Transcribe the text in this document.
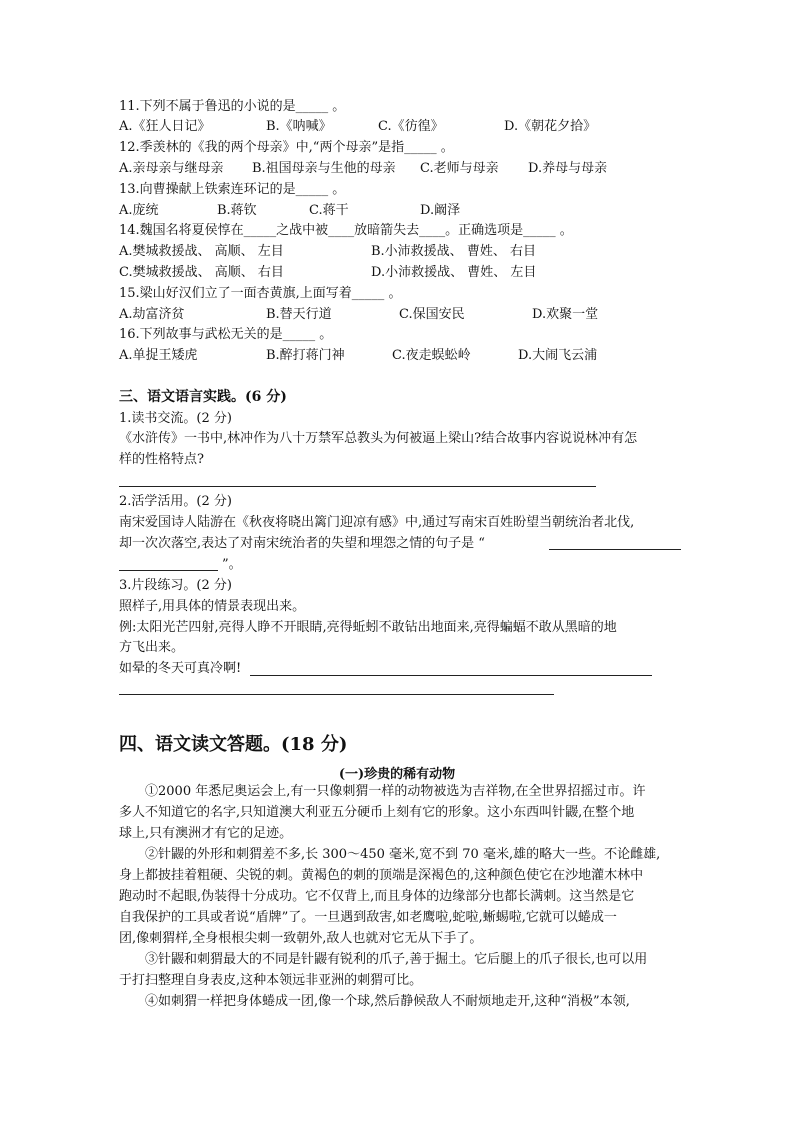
11.下列不属于鲁迅的小说的是_____ 。
A.《狂人日记》	B.《呐喊》	C.《彷徨》	D.《朝花夕拾》
12.季羡林的《我的两个母亲》中,“两个母亲”是指_____ 。
A.亲母亲与继母亲 B.祖国母亲与生他的母亲 C.老师与母亲 D.养母与母亲
13.向曹操献上铁索连环记的是_____ 。
A.庞统	B.蒋钦	C.蒋干	D.阚泽
14.魏国名将夏侯惇在_____之战中被____放暗箭失去____。正确选项是_____ 。
A.樊城救援战、 高顺、 左目	B.小沛救援战、 曹姓、 右目
C.樊城救援战、 高顺、 右目	D.小沛救援战、 曹姓、 左目
15.梁山好汉们立了一面杏黄旗,上面写着_____ 。
A.劫富济贫	B.替天行道	C.保国安民	D.欢聚一堂
16.下列故事与武松无关的是_____ 。
A.单捉王矮虎	B.醉打蒋门神	C.夜走蜈蚣岭	D.大闹飞云浦
三、语文语言实践。(6 分)
1.读书交流。(2 分)
《水浒传》一书中,林冲作为八十万禁军总教头为何被逼上梁山?结合故事内容说说林冲有怎
样的性格特点?
2.活学活用。(2 分)
南宋爱国诗人陆游在《秋夜将晓出篱门迎凉有感》中,通过写南宋百姓盼望当朝统治者北伐,
却一次次落空,表达了对南宋统治者的失望和埋怨之情的句子是 “
”。
3.片段练习。(2 分)
照样子,用具体的情景表现出来。
例:太阳光芒四射,亮得人睁不开眼睛,亮得蚯蚓不敢钻出地面来,亮得蝙蝠不敢从黑暗的地
方飞出来。
如晕的冬天可真冷啊!
四、语文读文答题。(18 分)
(一)珍贵的稀有动物
①2000 年悉尼奥运会上,有一只像刺猬一样的动物被选为吉祥物,在全世界招摇过市。许
多人不知道它的名字,只知道澳大利亚五分硬币上刻有它的形象。这小东西叫针鼹,在整个地
球上,只有澳洲才有它的足迹。
②针鼹的外形和刺猬差不多,长 300～450 毫米,宽不到 70 毫米,雄的略大一些。不论雌雄,
身上都披挂着粗硬、尖锐的刺。黄褐色的刺的顶端是深褐色的,这种颜色使它在沙地灌木林中
跑动时不起眼,伪装得十分成功。它不仅背上,而且身体的边缘部分也都长满刺。这当然是它
自我保护的工具或者说“盾牌”了。一旦遇到敌害,如老鹰啦,蛇啦,蜥蜴啦,它就可以蜷成一
团,像刺猬样,全身根根尖刺一致朝外,敌人也就对它无从下手了。
③针鼹和刺猬最大的不同是针鼹有锐利的爪子,善于掘土。它后腿上的爪子很长,也可以用
于打扫整理自身表皮,这种本领远非亚洲的刺猬可比。
④如刺猬一样把身体蜷成一团,像一个球,然后静候敌人不耐烦地走开,这种“消极”本领,
